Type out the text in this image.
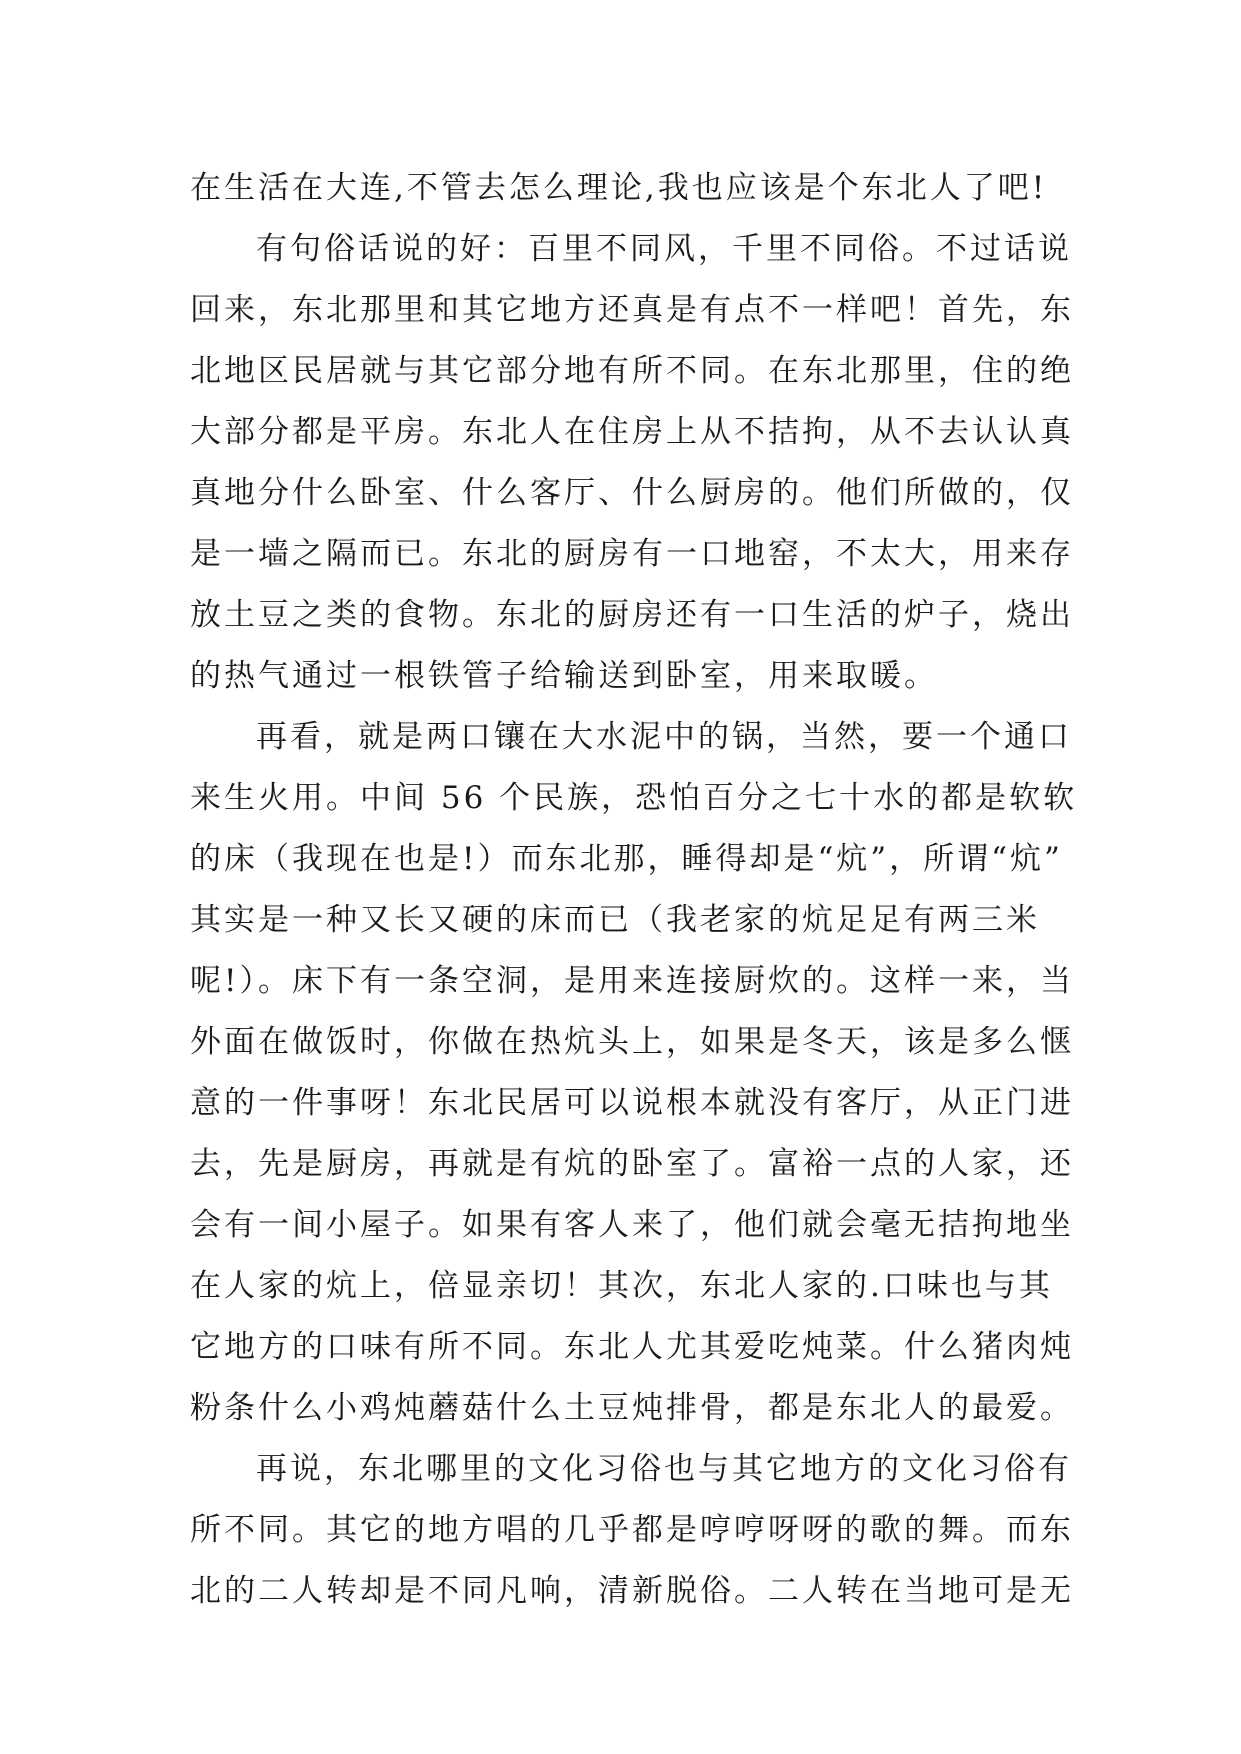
在生活在大连,不管去怎么理论,我也应该是个东北人了吧!
有句俗话说的好：百里不同风，千里不同俗。不过话说
回来，东北那里和其它地方还真是有点不一样吧！首先，东
北地区民居就与其它部分地有所不同。在东北那里，住的绝
大部分都是平房。东北人在住房上从不拮拘，从不去认认真
真地分什么卧室、什么客厅、什么厨房的。他们所做的，仅
是一墙之隔而已。东北的厨房有一口地窑，不太大，用来存
放土豆之类的食物。东北的厨房还有一口生活的炉子，烧出
的热气通过一根铁管子给输送到卧室，用来取暖。
再看，就是两口镶在大水泥中的锅，当然，要一个通口
来生火用。中间 56 个民族，恐怕百分之七十水的都是软软
的床（我现在也是!）而东北那，睡得却是“炕”，所谓“炕”
其实是一种又长又硬的床而已（我老家的炕足足有两三米
呢!）。床下有一条空洞，是用来连接厨炊的。这样一来，当
外面在做饭时，你做在热炕头上，如果是冬天，该是多么惬
意的一件事呀！东北民居可以说根本就没有客厅，从正门进
去，先是厨房，再就是有炕的卧室了。富裕一点的人家，还
会有一间小屋子。如果有客人来了，他们就会毫无拮拘地坐
在人家的炕上，倍显亲切！其次，东北人家的.口味也与其
它地方的口味有所不同。东北人尤其爱吃炖菜。什么猪肉炖
粉条什么小鸡炖蘑菇什么土豆炖排骨，都是东北人的最爱。
再说，东北哪里的文化习俗也与其它地方的文化习俗有
所不同。其它的地方唱的几乎都是哼哼呀呀的歌的舞。而东
北的二人转却是不同凡响，清新脱俗。二人转在当地可是无
